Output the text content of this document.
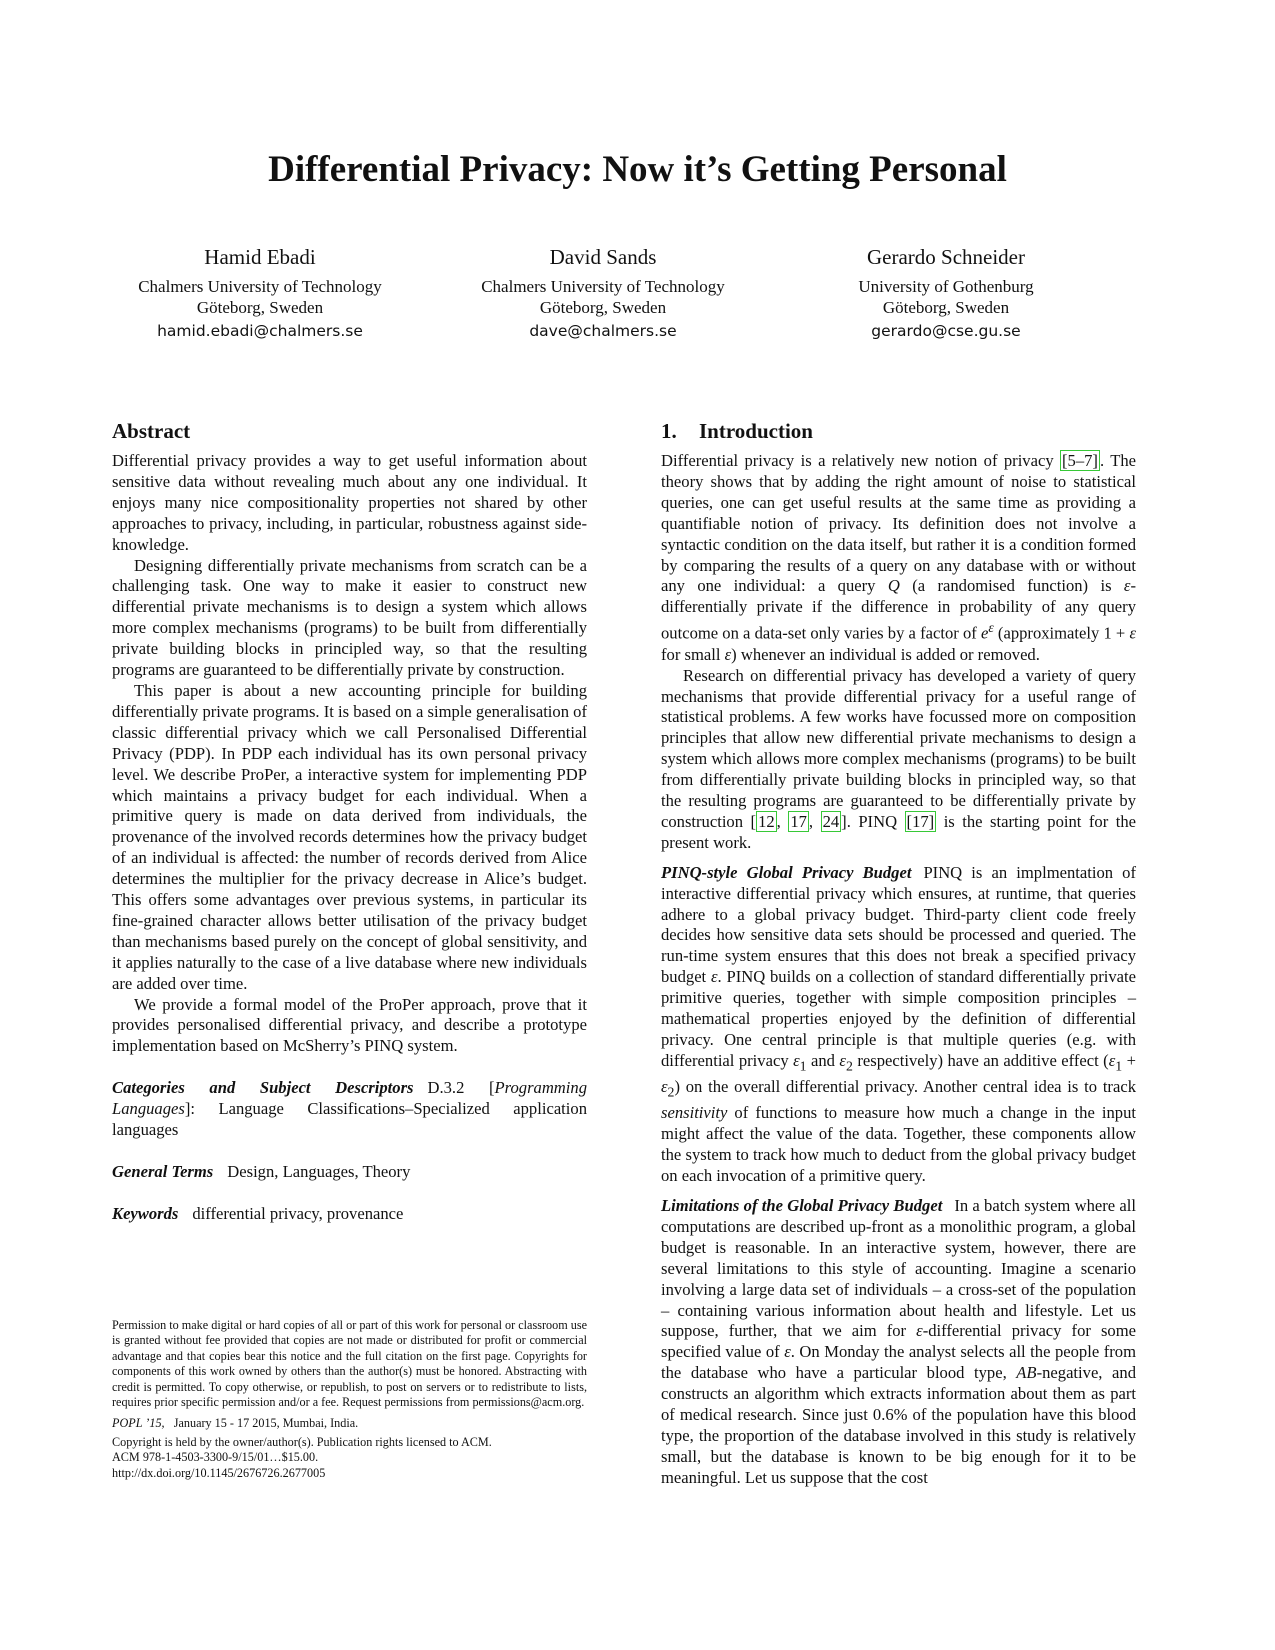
Differential Privacy: Now it’s Getting Personal
Hamid Ebadi
Chalmers University of Technology
Göteborg, Sweden
hamid.ebadi@chalmers.se
David Sands
Chalmers University of Technology
Göteborg, Sweden
dave@chalmers.se
Gerardo Schneider
University of Gothenburg
Göteborg, Sweden
gerardo@cse.gu.se
Abstract

Differential privacy provides a way to get useful information about sensitive data without revealing much about any one individual. It enjoys many nice compositionality properties not shared by other approaches to privacy, including, in particular, robustness against side-knowledge.

Designing differentially private mechanisms from scratch can be a challenging task. One way to make it easier to construct new differential private mechanisms is to design a system which allows more complex mechanisms (programs) to be built from differentially private building blocks in principled way, so that the resulting programs are guaranteed to be differentially private by construction.

This paper is about a new accounting principle for building differentially private programs. It is based on a simple generalisation of classic differential privacy which we call Personalised Differential Privacy (PDP). In PDP each individual has its own personal privacy level. We describe ProPer, a interactive system for implementing PDP which maintains a privacy budget for each individual. When a primitive query is made on data derived from individuals, the provenance of the involved records determines how the privacy budget of an individual is affected: the number of records derived from Alice determines the multiplier for the privacy decrease in Alice’s budget. This offers some advantages over previous systems, in particular its fine-grained character allows better utilisation of the privacy budget than mechanisms based purely on the concept of global sensitivity, and it applies naturally to the case of a live database where new individuals are added over time.

We provide a formal model of the ProPer approach, prove that it provides personalised differential privacy, and describe a prototype implementation based on McSherry’s PINQ system.

Categories and Subject Descriptors D.3.2 [Programming Languages]: Language Classifications–Specialized application languages

General Terms Design, Languages, Theory

Keywords differential privacy, provenance

Permission to make digital or hard copies of all or part of this work for personal or classroom use is granted without fee provided that copies are not made or distributed for profit or commercial advantage and that copies bear this notice and the full citation on the first page. Copyrights for components of this work owned by others than the author(s) must be honored. Abstracting with credit is permitted. To copy otherwise, or republish, to post on servers or to redistribute to lists, requires prior specific permission and/or a fee. Request permissions from permissions@acm.org.

POPL ’15, January 15 - 17 2015, Mumbai, India.

Copyright is held by the owner/author(s). Publication rights licensed to ACM.

ACM 978-1-4503-3300-9/15/01…$15.00.

http://dx.doi.org/10.1145/2676726.2677005

1. Introduction

Differential privacy is a relatively new notion of privacy [5–7] . The theory shows that by adding the right amount of noise to statistical queries, one can get useful results at the same time as providing a quantifiable notion of privacy. Its definition does not involve a syntactic condition on the data itself, but rather it is a condition formed by comparing the results of a query on any database with or without any one individual: a query Q (a randomised function) is ε-differentially private if the difference in probability of any query outcome on a data-set only varies by a factor of $e^\varepsilon$ (approximately 1 + ε for small ε) whenever an individual is added or removed.

Research on differential privacy has developed a variety of query mechanisms that provide differential privacy for a useful range of statistical problems. A few works have focussed more on composition principles that allow new differential private mechanisms to design a system which allows more complex mechanisms (programs) to be built from differentially private building blocks in principled way, so that the resulting programs are guaranteed to be differentially private by construction [ 12 , 17 , 24 ]. PINQ [17] is the starting point for the present work.

PINQ-style Global Privacy Budget PINQ is an implmentation of interactive differential privacy which ensures, at runtime, that queries adhere to a global privacy budget. Third-party client code freely decides how sensitive data sets should be processed and queried. The run-time system ensures that this does not break a specified privacy budget ε. PINQ builds on a collection of standard differentially private primitive queries, together with simple composition principles – mathematical properties enjoyed by the definition of differential privacy. One central principle is that multiple queries (e.g. with differential privacy $\varepsilon_1$ and $\varepsilon_2$ respectively) have an additive effect $(\varepsilon_1 + \varepsilon_2)$ on the overall differential privacy. Another central idea is to track sensitivity of functions to measure how much a change in the input might affect the value of the data. Together, these components allow the system to track how much to deduct from the global privacy budget on each invocation of a primitive query.

Limitations of the Global Privacy Budget In a batch system where all computations are described up-front as a monolithic program, a global budget is reasonable. In an interactive system, however, there are several limitations to this style of accounting. Imagine a scenario involving a large data set of individuals – a cross-set of the population – containing various information about health and lifestyle. Let us suppose, further, that we aim for ε-differential privacy for some specified value of ε. On Monday the analyst selects all the people from the database who have a particular blood type, AB-negative, and constructs an algorithm which extracts information about them as part of medical research. Since just 0.6% of the population have this blood type, the proportion of the database involved in this study is relatively small, but the database is known to be big enough for it to be meaningful. Let us suppose that the cost
